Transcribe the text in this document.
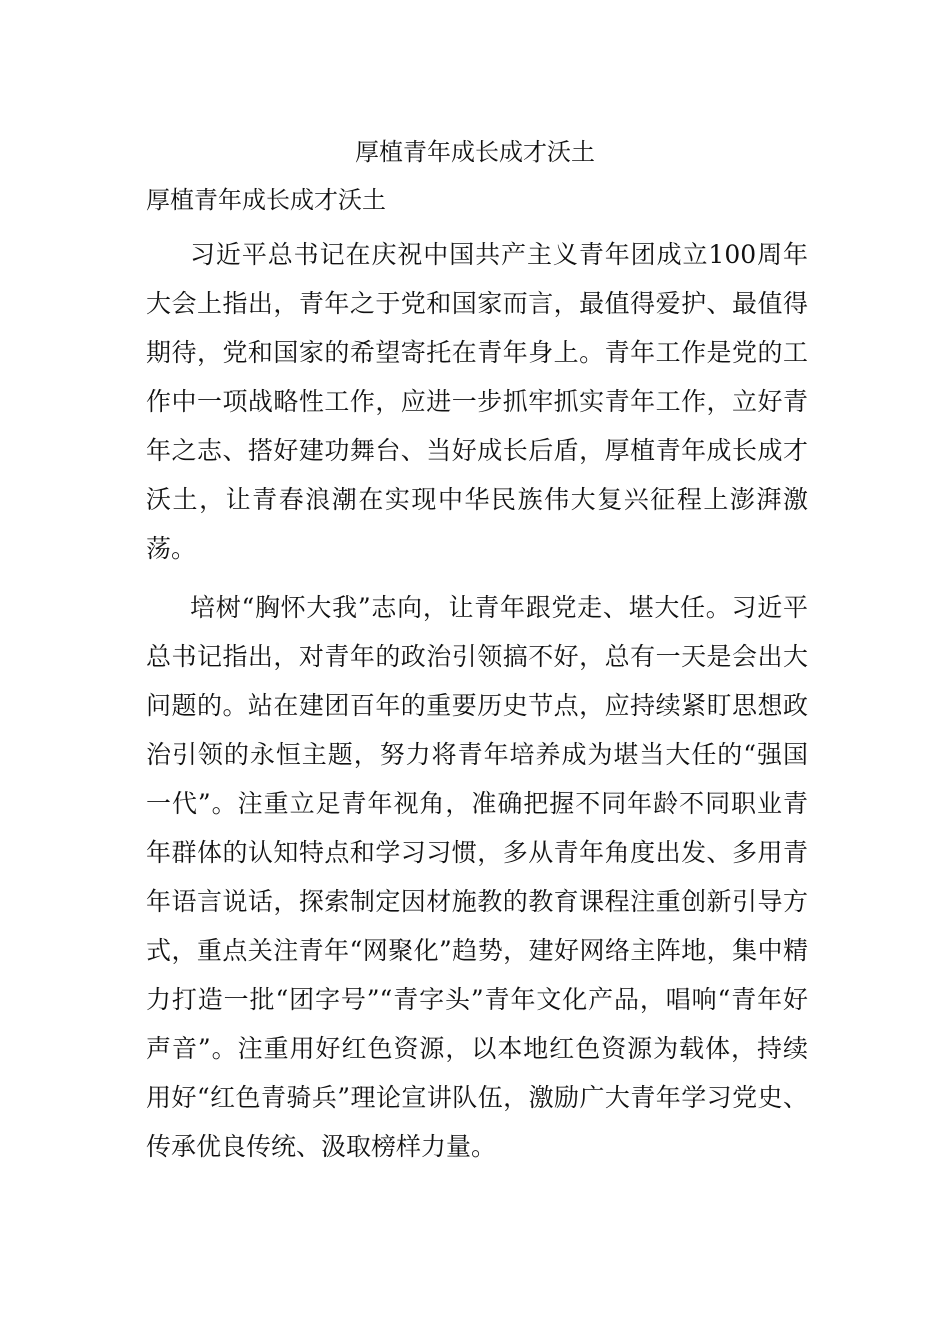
厚植青年成长成才沃土

厚植青年成长成才沃土

习近平总书记在庆祝中国共产主义青年团成立100周年大会上指出，青年之于党和国家而言，最值得爱护、最值得期待，党和国家的希望寄托在青年身上。青年工作是党的工作中一项战略性工作，应进一步抓牢抓实青年工作，立好青年之志、搭好建功舞台、当好成长后盾，厚植青年成长成才沃土，让青春浪潮在实现中华民族伟大复兴征程上澎湃激荡。

培树“胸怀大我”志向，让青年跟党走、堪大任。习近平总书记指出，对青年的政治引领搞不好，总有一天是会出大问题的。站在建团百年的重要历史节点，应持续紧盯思想政治引领的永恒主题，努力将青年培养成为堪当大任的“强国一代”。注重立足青年视角，准确把握不同年龄不同职业青年群体的认知特点和学习习惯，多从青年角度出发、多用青年语言说话，探索制定因材施教的教育课程注重创新引导方式，重点关注青年“网聚化”趋势，建好网络主阵地，集中精力打造一批“团字号”“青字头”青年文化产品，唱响“青年好声音”。注重用好红色资源，以本地红色资源为载体，持续用好“红色青骑兵”理论宣讲队伍，激励广大青年学习党史、传承优良传统、汲取榜样力量。
